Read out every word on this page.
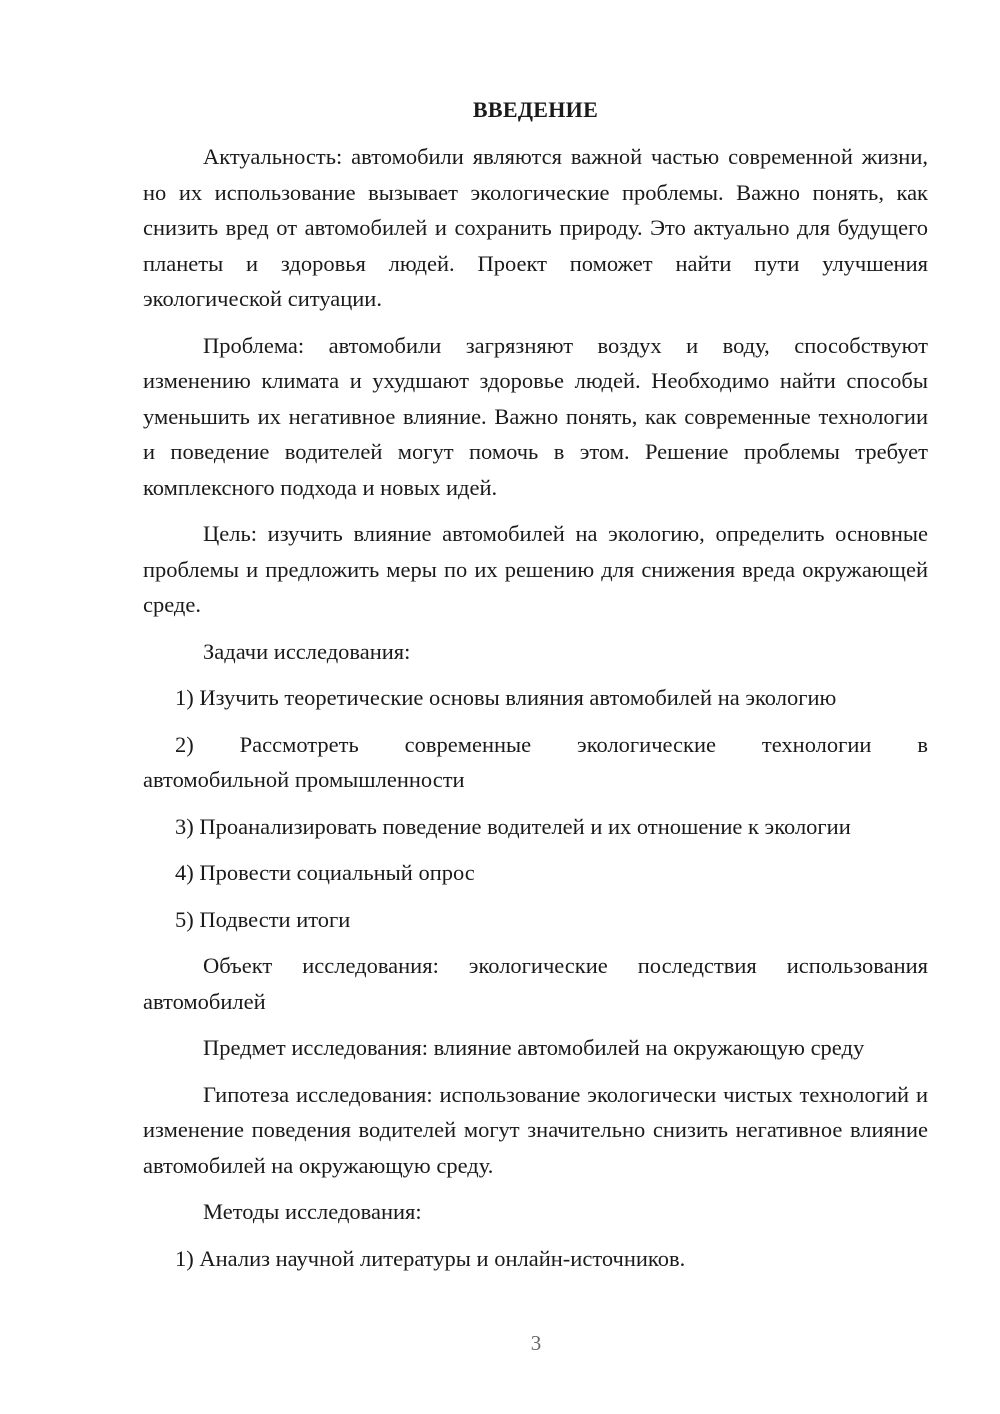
ВВЕДЕНИЕ

Актуальность: автомобили являются важной частью современной жизни, но их использование вызывает экологические проблемы. Важно понять, как снизить вред от автомобилей и сохранить природу. Это актуально для будущего планеты и здоровья людей. Проект поможет найти пути улучшения экологической ситуации.

Проблема: автомобили загрязняют воздух и воду, способствуют изменению климата и ухудшают здоровье людей. Необходимо найти способы уменьшить их негативное влияние. Важно понять, как современные технологии и поведение водителей могут помочь в этом. Решение проблемы требует комплексного подхода и новых идей.

Цель: изучить влияние автомобилей на экологию, определить основные проблемы и предложить меры по их решению для снижения вреда окружающей среде.

Задачи исследования:

1) Изучить теоретические основы влияния автомобилей на экологию

2) Рассмотреть современные экологические технологии в

автомобильной промышленности

3) Проанализировать поведение водителей и их отношение к экологии

4) Провести социальный опрос

5) Подвести итоги

Объект исследования: экологические последствия использования автомобилей

Предмет исследования: влияние автомобилей на окружающую среду

Гипотеза исследования: использование экологически чистых технологий и изменение поведения водителей могут значительно снизить негативное влияние автомобилей на окружающую среду.

Методы исследования:

1) Анализ научной литературы и онлайн-источников.

3
